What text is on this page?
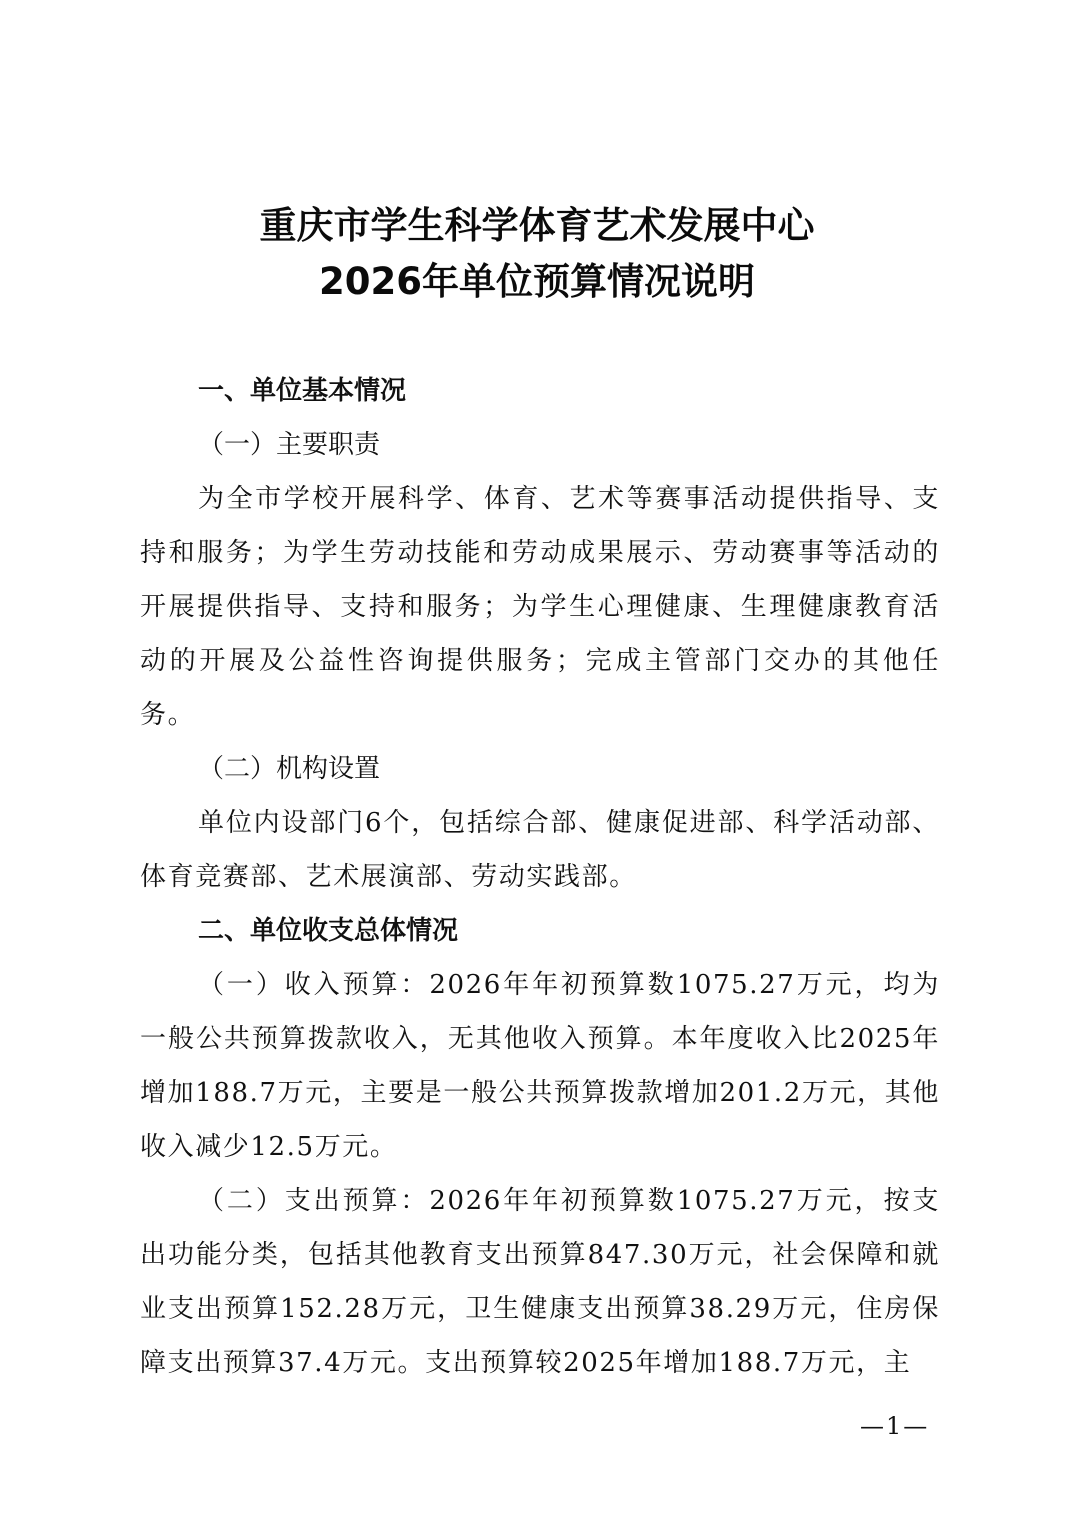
重庆市学生科学体育艺术发展中心
2026年单位预算情况说明

一、单位基本情况

（一）主要职责

为全市学校开展科学、体育、艺术等赛事活动提供指导、支持和服务；为学生劳动技能和劳动成果展示、劳动赛事等活动的开展提供指导、支持和服务；为学生心理健康、生理健康教育活动的开展及公益性咨询提供服务；完成主管部门交办的其他任务。

（二）机构设置

单位内设部门6个，包括综合部、健康促进部、科学活动部、体育竞赛部、艺术展演部、劳动实践部。

二、单位收支总体情况

（一）收入预算：2026年年初预算数1075.27万元，均为一般公共预算拨款收入，无其他收入预算。本年度收入比2025年增加188.7万元，主要是一般公共预算拨款增加201.2万元，其他收入减少12.5万元。

（二）支出预算：2026年年初预算数1075.27万元，按支出功能分类，包括其他教育支出预算847.30万元，社会保障和就业支出预算152.28万元，卫生健康支出预算38.29万元，住房保障支出预算37.4万元。支出预算较2025年增加188.7万元，主

—1—
